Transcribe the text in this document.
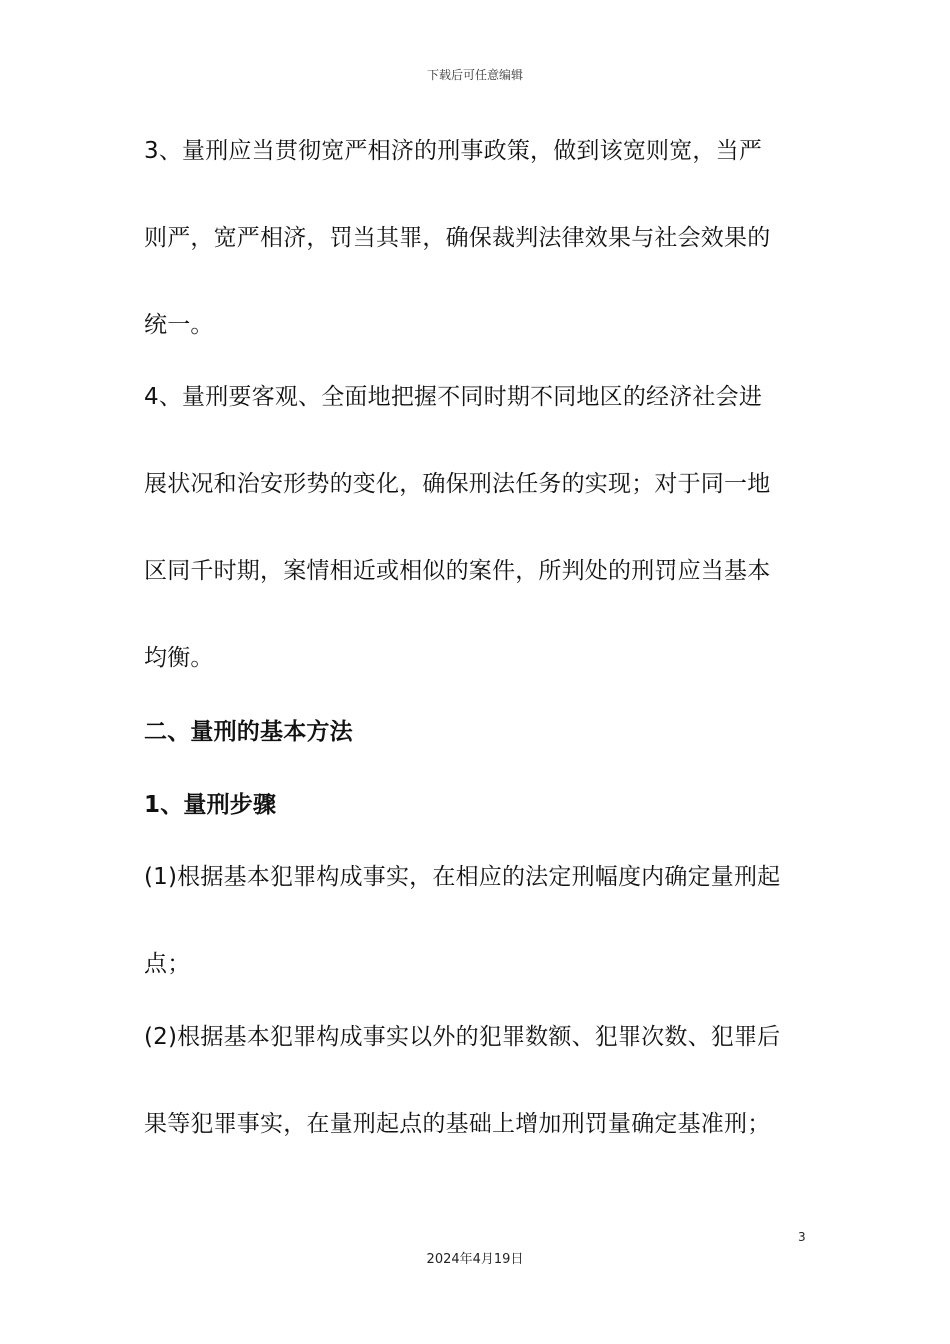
下载后可任意编辑
3、量刑应当贯彻宽严相济的刑事政策，做到该宽则宽，当严
则严，宽严相济，罚当其罪，确保裁判法律效果与社会效果的
统一。
4、量刑要客观、全面地把握不同时期不同地区的经济社会进
展状况和治安形势的变化，确保刑法任务的实现；对于同一地
区同千时期，案情相近或相似的案件，所判处的刑罚应当基本
均衡。
二、量刑的基本方法
1、量刑步骤
(1)根据基本犯罪构成事实，在相应的法定刑幅度内确定量刑起
点；
(2)根据基本犯罪构成事实以外的犯罪数额、犯罪次数、犯罪后
果等犯罪事实，在量刑起点的基础上增加刑罚量确定基准刑；
3
2024年4月19日
